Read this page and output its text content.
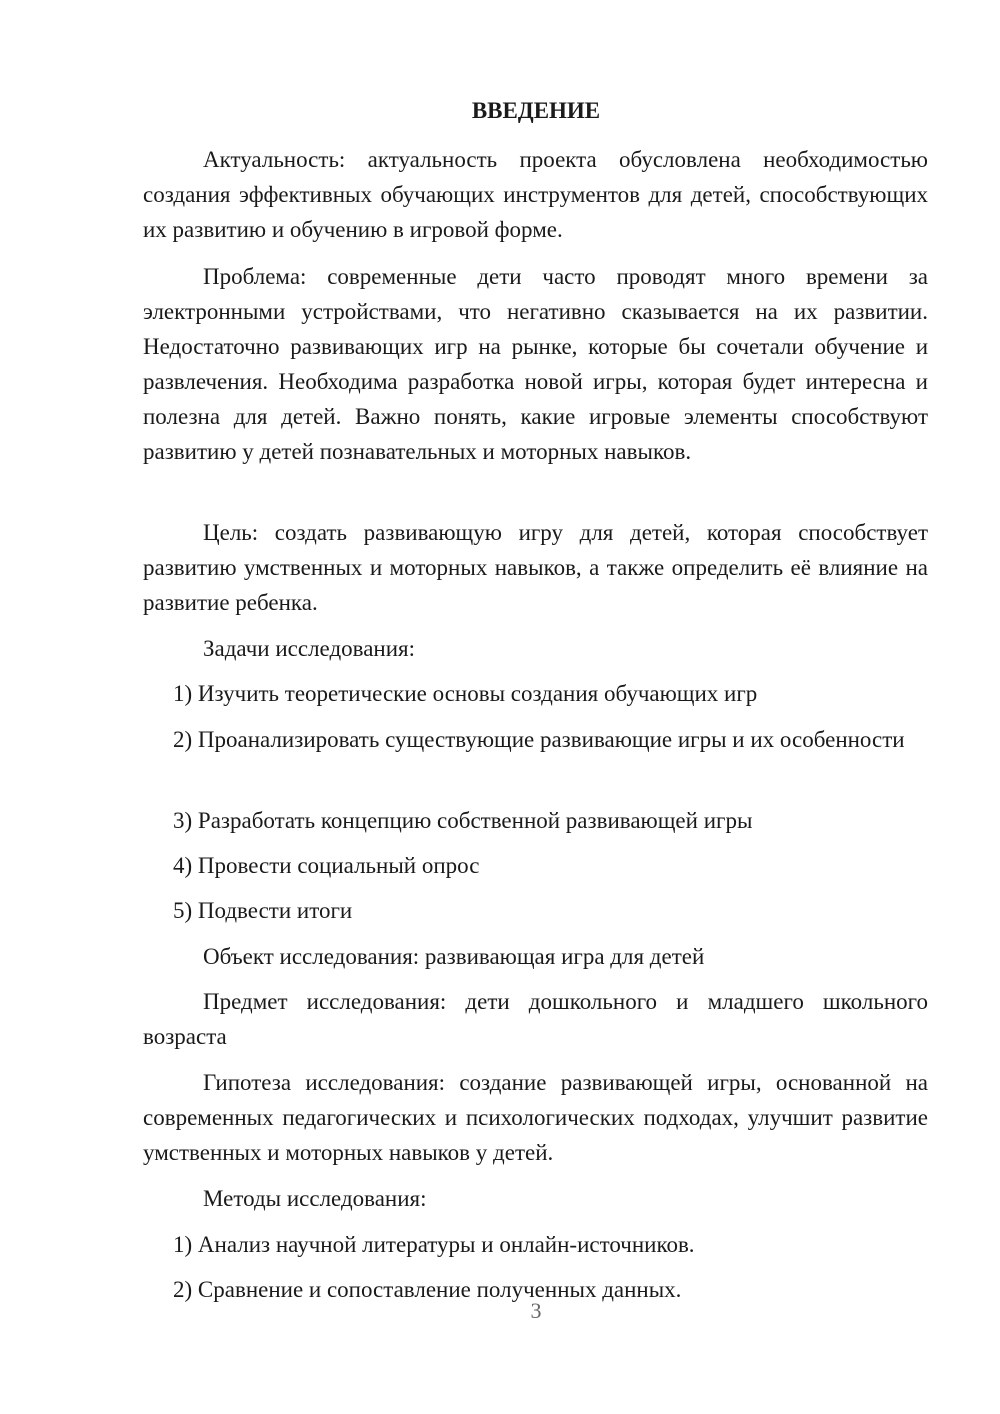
ВВЕДЕНИЕ

Актуальность: актуальность проекта обусловлена необходимостью создания эффективных обучающих инструментов для детей, способствующих их развитию и обучению в игровой форме.

Проблема: современные дети часто проводят много времени за электронными устройствами, что негативно сказывается на их развитии. Недостаточно развивающих игр на рынке, которые бы сочетали обучение и развлечения. Необходима разработка новой игры, которая будет интересна и полезна для детей. Важно понять, какие игровые элементы способствуют развитию у детей познавательных и моторных навыков.

Цель: создать развивающую игру для детей, которая способствует развитию умственных и моторных навыков, а также определить её влияние на развитие ребенка.

Задачи исследования:

1) Изучить теоретические основы создания обучающих игр

2) Проанализировать существующие развивающие игры и их особенности

3) Разработать концепцию собственной развивающей игры

4) Провести социальный опрос

5) Подвести итоги

Объект исследования: развивающая игра для детей

Предмет исследования: дети дошкольного и младшего школьного возраста

Гипотеза исследования: создание развивающей игры, основанной на современных педагогических и психологических подходах, улучшит развитие умственных и моторных навыков у детей.

Методы исследования:

1) Анализ научной литературы и онлайн-источников.

2) Сравнение и сопоставление полученных данных.

3
